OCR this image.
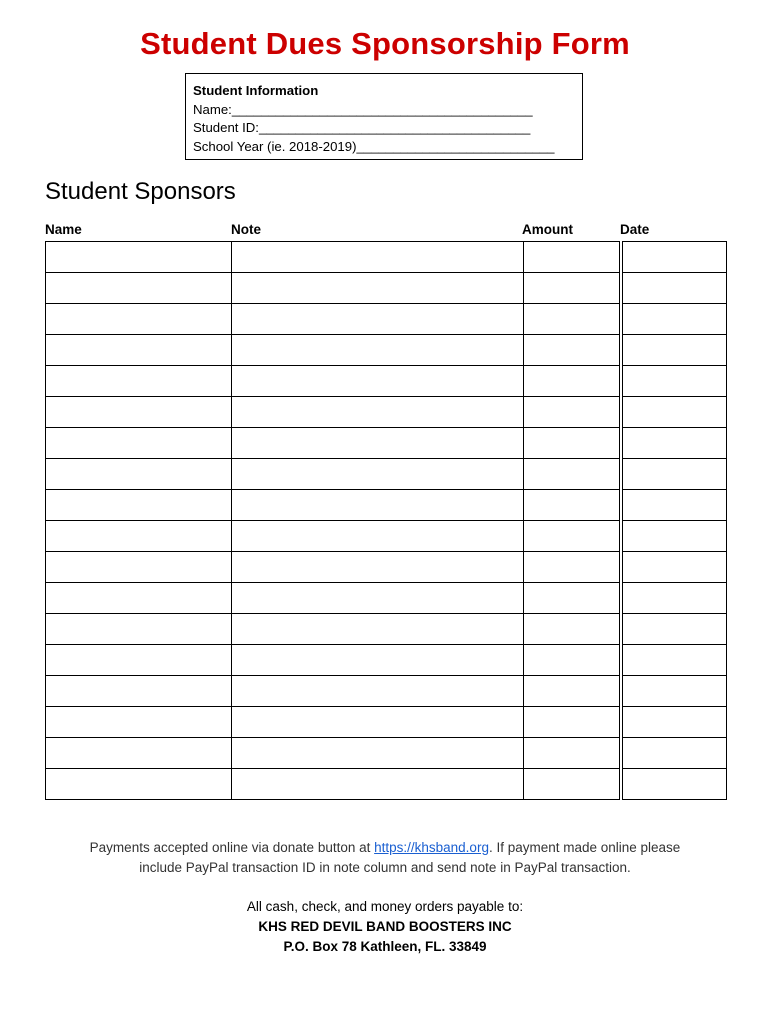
Student Dues Sponsorship Form
Student Information
Name:_________________________________________
Student ID:_____________________________________
School Year (ie. 2018-2019)___________________________
Student Sponsors
Name	Note	Amount	Date

Payments accepted online via donate button at https://khsband.org. If payment made online please
include PayPal transaction ID in note column and send note in PayPal transaction.
All cash, check, and money orders payable to:
KHS RED DEVIL BAND BOOSTERS INC
P.O. Box 78 Kathleen, FL. 33849
